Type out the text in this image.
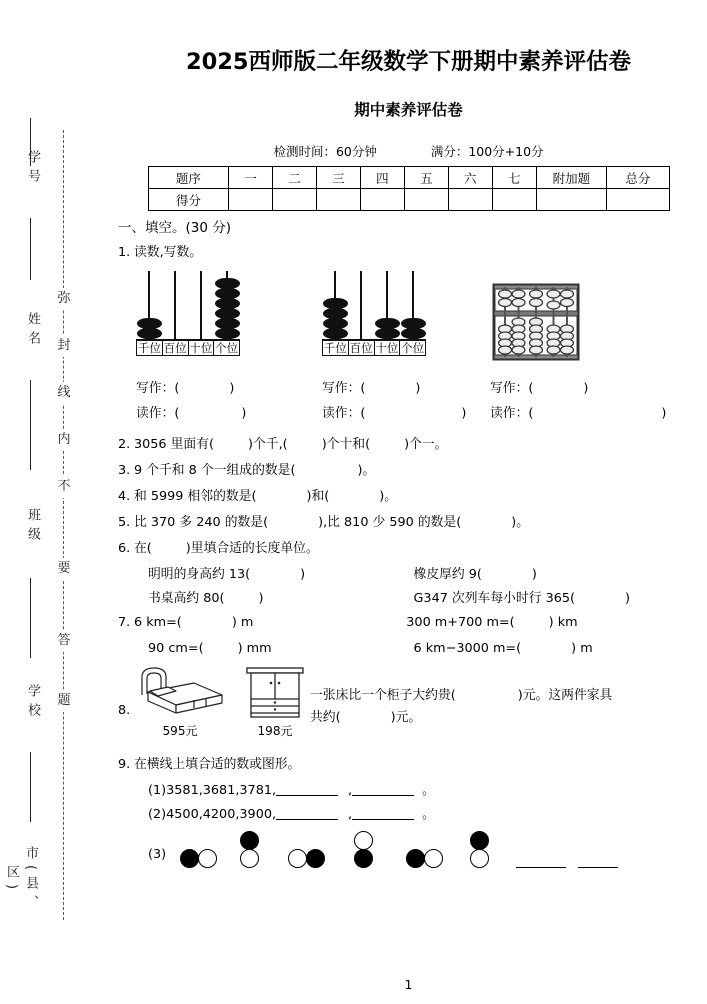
弥
封
线
内
不
要
答
题
学号
姓名
班级
学校
市(县、区)
2025西师版二年级数学下册期中素养评估卷
期中素养评估卷
检测时间：60分钟	满分：100分+10分
题序	一	二	三	四	五	六	七	附加题	总分
得分									
一、填空。(30 分)
1. 读数,写数。
千位 百位 十位 个位	千位 百位 十位 个位
写作：(	)	写作：(	)	写作：(	)
读作：(	)	读作：(	) 读作：(	)
2. 3056 里面有(	)个千,(	)个十和(	)个一。
3. 9 个千和 8 个一组成的数是(	)。
4. 和 5999 相邻的数是(	)和(	)。
5. 比 370 多 240 的数是(	),比 810 少 590 的数是(	)。
6. 在(	)里填合适的长度单位。
明明的身高约 13(	)	橡皮厚约 9(	)
书桌高约 80(	)	G347 次列车每小时行 365(	)
7. 6 km=(	) m	300 m+700 m=(	) km
90 cm=(	) mm	6 km−3000 m=(	) m
8.
595元	198元
一张床比一个柜子大约贵(	)元。这两件家具
共约(	)元。
9. 在横线上填合适的数或图形。
(1)3581,3681,3781,	,	。
(2)4500,4200,3900,	,	。
(3)
1
